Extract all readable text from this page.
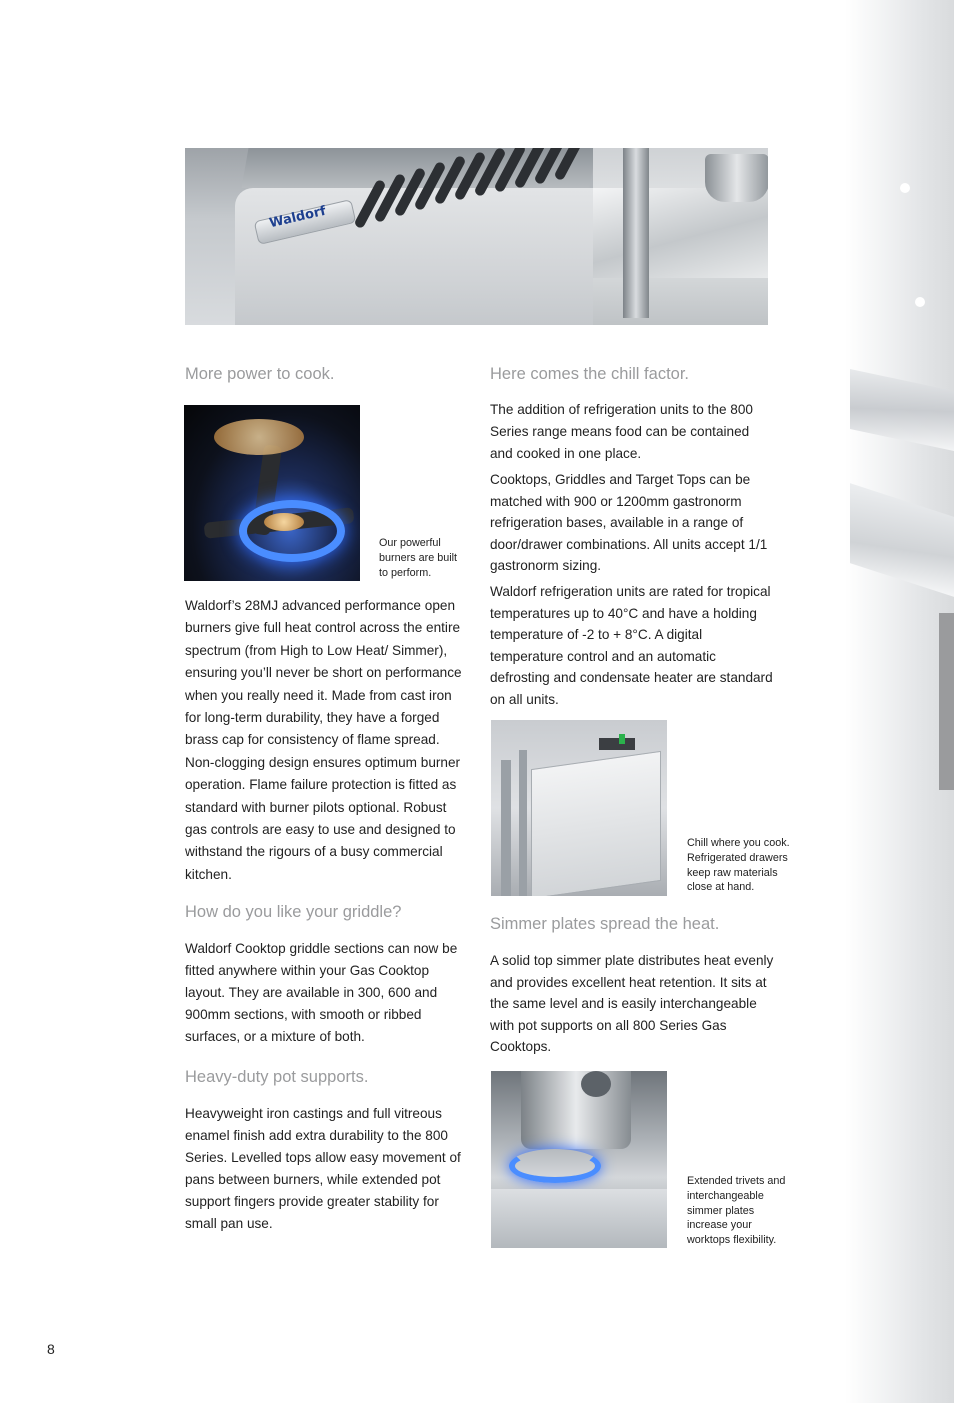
Waldorf
More power to cook.

Our powerful

burners are built

to perform.

Waldorf’s 28MJ advanced performance open burners give full heat control across the entire spectrum (from High to Low Heat/ Simmer), ensuring you’ll never be short on performance when you really need it. Made from cast iron for long-term durability, they have a forged brass cap for consistency of flame spread. Non-clogging design ensures optimum burner operation. Flame failure protection is fitted as standard with burner pilots optional. Robust gas controls are easy to use and designed to withstand the rigours of a busy commercial kitchen.

How do you like your griddle?

Waldorf Cooktop griddle sections can now be fitted anywhere within your Gas Cooktop layout. They are available in 300, 600 and 900mm sections, with smooth or ribbed surfaces, or a mixture of both.

Heavy-duty pot supports.

Heavyweight iron castings and full vitreous enamel finish add extra durability to the 800 Series. Levelled tops allow easy movement of pans between burners, while extended pot support fingers provide greater stability for small pan use.

Here comes the chill factor.

The addition of refrigeration units to the 800 Series range means food can be contained and cooked in one place.

Cooktops, Griddles and Target Tops can be matched with 900 or 1200mm gastronorm refrigeration bases, available in a range of door/drawer combinations. All units accept 1/1 gastronorm sizing.

Waldorf refrigeration units are rated for tropical temperatures up to 40°C and have a holding temperature of -2 to + 8°C. A digital temperature control and an automatic defrosting and condensate heater are standard on all units.

Chill where you cook.

Refrigerated drawers

keep raw materials

close at hand.

Simmer plates spread the heat.

A solid top simmer plate distributes heat evenly and provides excellent heat retention. It sits at the same level and is easily interchangeable with pot supports on all 800 Series Gas Cooktops.

Extended trivets and

interchangeable

simmer plates

increase your

worktops flexibility.

8
